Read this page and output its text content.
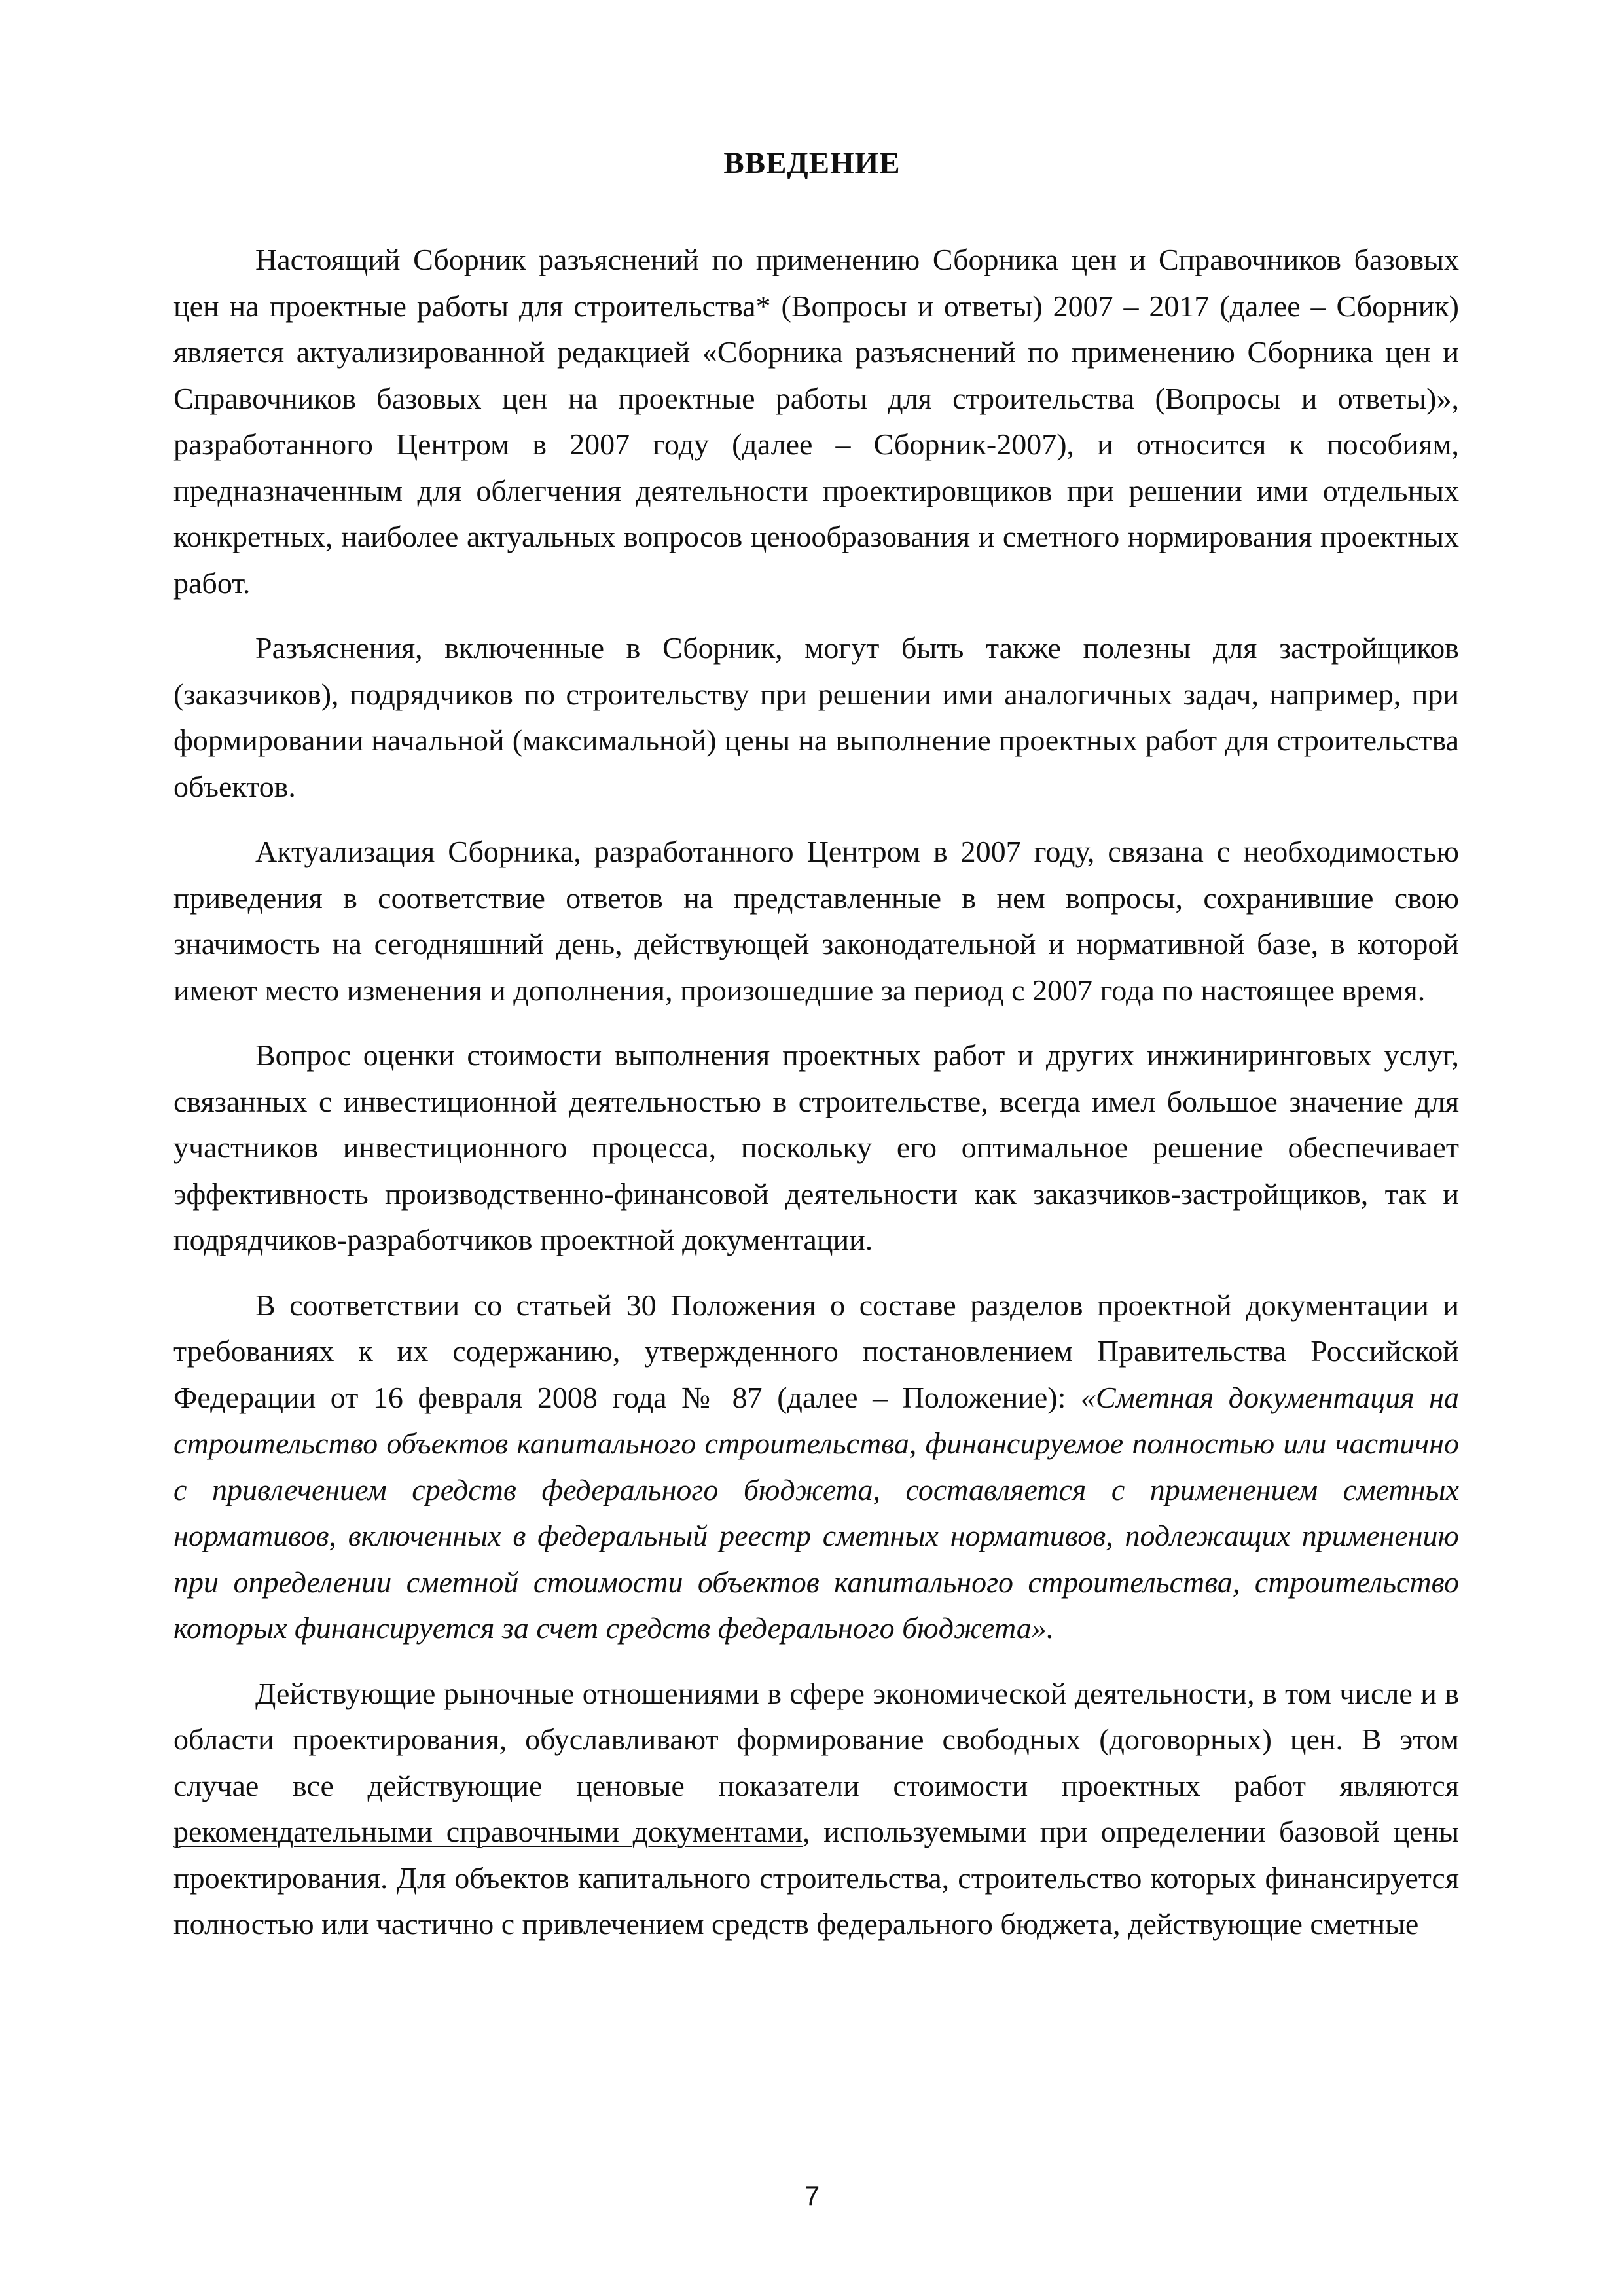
ВВЕДЕНИЕ

Настоящий Сборник разъяснений по применению Сборника цен и Справочников базовых цен на проектные работы для строительства* (Вопросы и ответы) 2007 – 2017 (далее – Сборник) является актуализированной редакцией «Сборника разъяснений по применению Сборника цен и Справочников базовых цен на проектные работы для строительства (Вопросы и ответы)», разработанного Центром в 2007 году (далее – Сборник-2007), и относится к пособиям, предназначенным для облегчения деятельности проектировщиков при решении ими отдельных конкретных, наиболее актуальных вопросов ценообразования и сметного нормирования проектных работ.

Разъяснения, включенные в Сборник, могут быть также полезны для застройщиков (заказчиков), подрядчиков по строительству при решении ими аналогичных задач, например, при формировании начальной (максимальной) цены на выполнение проектных работ для строительства объектов.

Актуализация Сборника, разработанного Центром в 2007 году, связана с необходимостью приведения в соответствие ответов на представленные в нем вопросы, сохранившие свою значимость на сегодняшний день, действующей законодательной и нормативной базе, в которой имеют место изменения и дополнения, произошедшие за период с 2007 года по настоящее время.

Вопрос оценки стоимости выполнения проектных работ и других инжиниринговых услуг, связанных с инвестиционной деятельностью в строительстве, всегда имел большое значение для участников инвестиционного процесса, поскольку его оптимальное решение обеспечивает эффективность производственно-финансовой деятельности как заказчиков-застройщиков, так и подрядчиков-разработчиков проектной документации.

В соответствии со статьей 30 Положения о составе разделов проектной документации и требованиях к их содержанию, утвержденного постановлением Правительства Российской Федерации от 16 февраля 2008 года № 87 (далее – Положение): «Сметная документация на строительство объектов капитального строительства, финансируемое полностью или частично с привлечением средств федерального бюджета, составляется с применением сметных нормативов, включенных в федеральный реестр сметных нормативов, подлежащих применению при определении сметной стоимости объектов капитального строительства, строительство которых финансируется за счет средств федерального бюджета».

Действующие рыночные отношениями в сфере экономической деятельности, в том числе и в области проектирования, обуславливают формирование свободных (договорных) цен. В этом случае все действующие ценовые показатели стоимости проектных работ являются рекомендательными справочными документами, используемыми при определении базовой цены проектирования. Для объектов капитального строительства, строительство которых финансируется полностью или частично с привлечением средств федерального бюджета, действующие сметные

7
